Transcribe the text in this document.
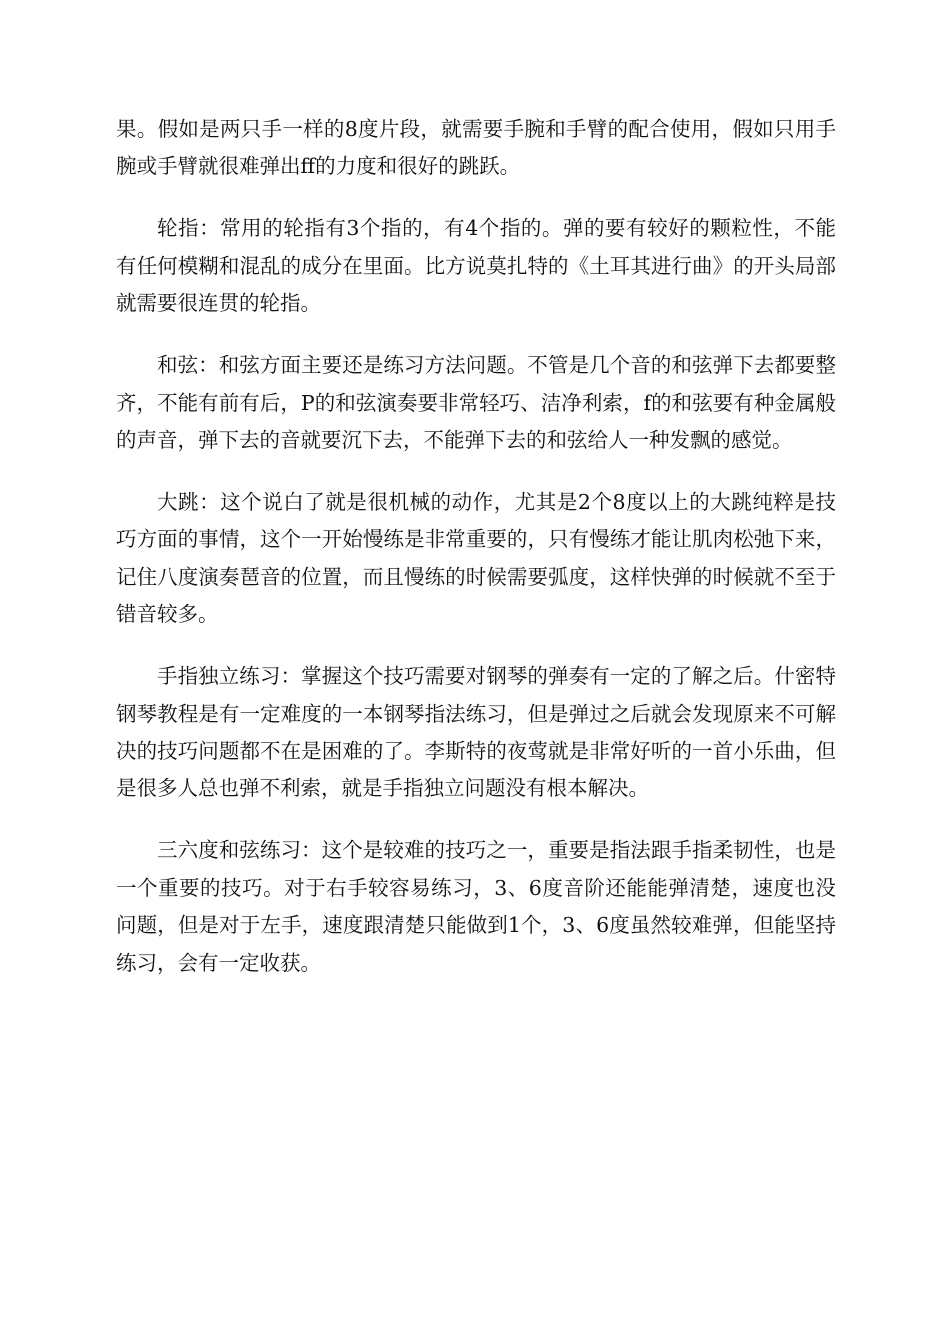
果。假如是两只手一样的8度片段，就需要手腕和手臂的配合使用，假如只用手腕或手臂就很难弹出ff的力度和很好的跳跃。

轮指：常用的轮指有3个指的，有4个指的。弹的要有较好的颗粒性，不能有任何模糊和混乱的成分在里面。比方说莫扎特的《土耳其进行曲》的开头局部就需要很连贯的轮指。

和弦：和弦方面主要还是练习方法问题。不管是几个音的和弦弹下去都要整齐，不能有前有后，P的和弦演奏要非常轻巧、洁净利索，f的和弦要有种金属般的声音，弹下去的音就要沉下去，不能弹下去的和弦给人一种发飘的感觉。

大跳：这个说白了就是很机械的动作，尤其是2个8度以上的大跳纯粹是技巧方面的事情，这个一开始慢练是非常重要的，只有慢练才能让肌肉松弛下来，记住八度演奏琶音的位置，而且慢练的时候需要弧度，这样快弹的时候就不至于错音较多。

手指独立练习：掌握这个技巧需要对钢琴的弹奏有一定的了解之后。什密特钢琴教程是有一定难度的一本钢琴指法练习，但是弹过之后就会发现原来不可解决的技巧问题都不在是困难的了。李斯特的夜莺就是非常好听的一首小乐曲，但是很多人总也弹不利索，就是手指独立问题没有根本解决。

三六度和弦练习：这个是较难的技巧之一，重要是指法跟手指柔韧性，也是一个重要的技巧。对于右手较容易练习，3、6度音阶还能能弹清楚，速度也没问题，但是对于左手，速度跟清楚只能做到1个，3、6度虽然较难弹，但能坚持练习，会有一定收获。
